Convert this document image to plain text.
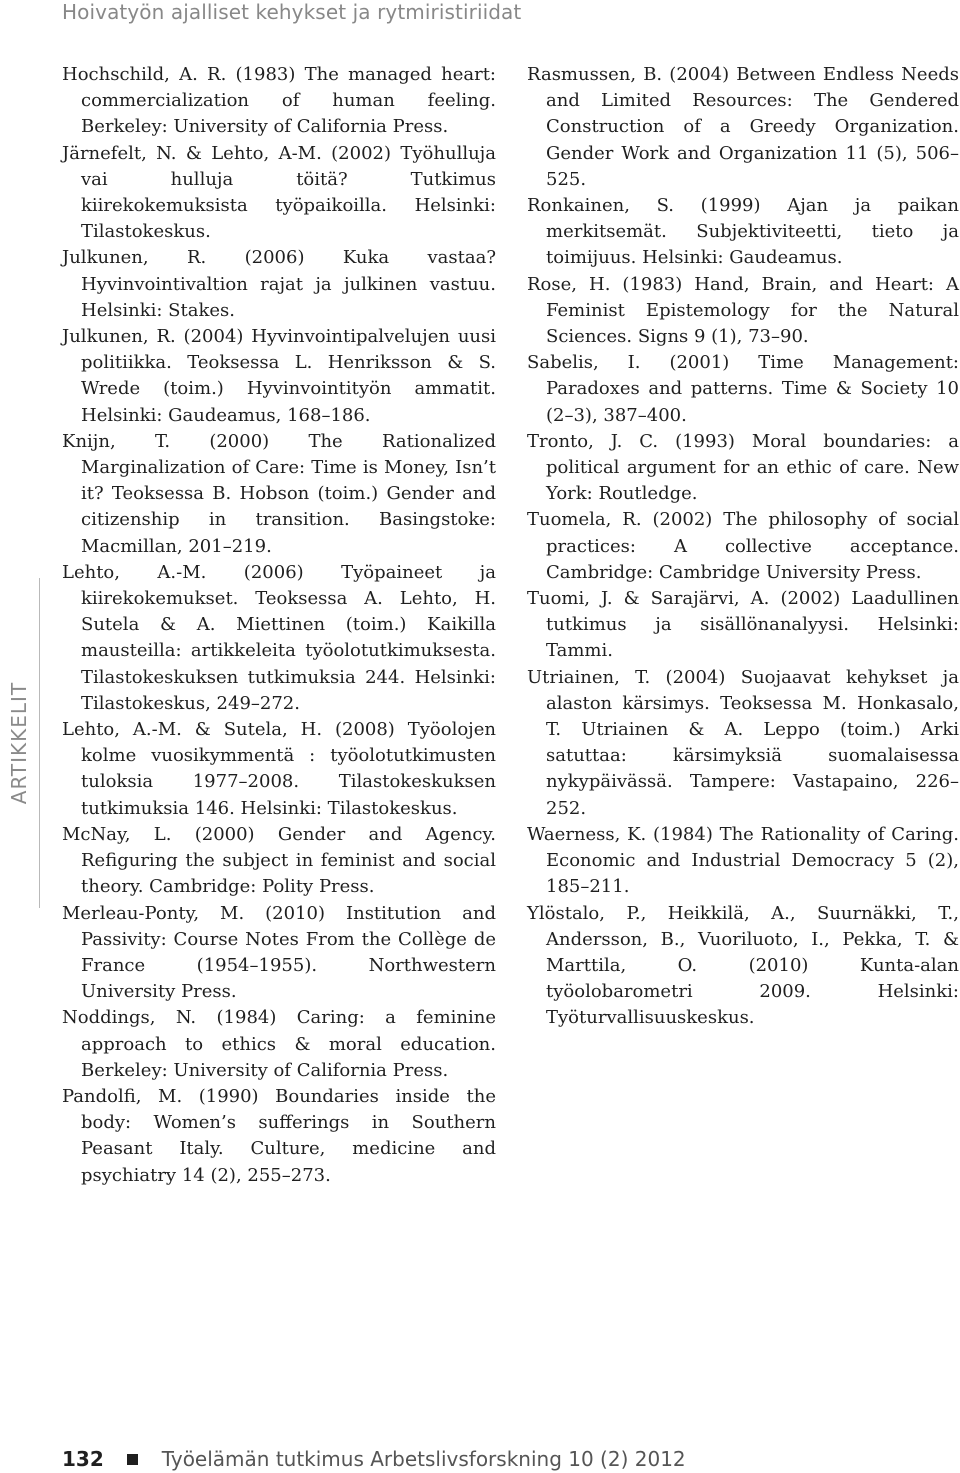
Hoivatyön ajalliset kehykset ja rytmiristiriidat
ARTIKKELIT

Hochschild, A. R. (1983) The managed heart: commercialization of human feeling. Berkeley: University of California Press.

Järnefelt, N. & Lehto, A-M. (2002) Työhulluja vai hulluja töitä? Tutkimus kiirekokemuksista työpaikoilla. Helsinki: Tilastokeskus.

Julkunen, R. (2006) Kuka vastaa? Hyvinvointivaltion rajat ja julkinen vastuu. Helsinki: Stakes.

Julkunen, R. (2004) Hyvinvointipalvelujen uusi politiikka. Teoksessa L. Henriksson & S. Wrede (toim.) Hyvinvointityön ammatit. Helsinki: Gaudeamus, 168–186.

Knijn, T. (2000) The Rationalized Marginalization of Care: Time is Money, Isn’t it? Teoksessa B. Hobson (toim.) Gender and citizenship in transition. Basingstoke: Macmillan, 201–219.

Lehto, A.-M. (2006) Työpaineet ja kiirekokemukset. Teoksessa A. Lehto, H. Sutela & A. Miettinen (toim.) Kaikilla mausteilla: artikkeleita työolotutkimuksesta. Tilastokeskuksen tutkimuksia 244. Helsinki: Tilastokeskus, 249–272.

Lehto, A.-M. & Sutela, H. (2008) Työolojen kolme vuosikymmentä : työolotutkimusten tuloksia 1977–2008. Tilastokeskuksen tutkimuksia 146. Helsinki: Tilastokeskus.

McNay, L. (2000) Gender and Agency. Refiguring the subject in feminist and social theory. Cambridge: Polity Press.

Merleau-Ponty, M. (2010) Institution and Passivity: Course Notes From the Collège de France (1954–1955). Northwestern University Press.

Noddings, N. (1984) Caring: a feminine approach to ethics & moral education. Berkeley: University of California Press.

Pandolfi, M. (1990) Boundaries inside the body: Women’s sufferings in Southern Peasant Italy. Culture, medicine and psychiatry 14 (2), 255–273.

Rasmussen, B. (2004) Between Endless Needs and Limited Resources: The Gendered Construction of a Greedy Organization. Gender Work and Organization 11 (5), 506–525.

Ronkainen, S. (1999) Ajan ja paikan merkitsemät. Subjektiviteetti, tieto ja toimijuus. Helsinki: Gaudeamus.

Rose, H. (1983) Hand, Brain, and Heart: A Feminist Epistemology for the Natural Sciences. Signs 9 (1), 73–90.

Sabelis, I. (2001) Time Management: Paradoxes and patterns. Time & Society 10 (2–3), 387–400.

Tronto, J. C. (1993) Moral boundaries: a political argument for an ethic of care. New York: Routledge.

Tuomela, R. (2002) The philosophy of social practices: A collective acceptance. Cambridge: Cambridge University Press.

Tuomi, J. & Sarajärvi, A. (2002) Laadullinen tutkimus ja sisällönanalyysi. Helsinki: Tammi.

Utriainen, T. (2004) Suojaavat kehykset ja alaston kärsimys. Teoksessa M. Honkasalo, T. Utriainen & A. Leppo (toim.) Arki satuttaa: kärsimyksiä suomalaisessa nykypäivässä. Tampere: Vastapaino, 226–252.

Waerness, K. (1984) The Rationality of Caring. Economic and Industrial Democracy 5 (2), 185–211.

Ylöstalo, P., Heikkilä, A., Suurnäkki, T., Andersson, B., Vuoriluoto, I., Pekka, T. & Marttila, O. (2010) Kunta-alan työolobarometri 2009. Helsinki: Työturvallisuuskeskus.

132	Työelämän tutkimus Arbetslivsforskning 10 (2) 2012
